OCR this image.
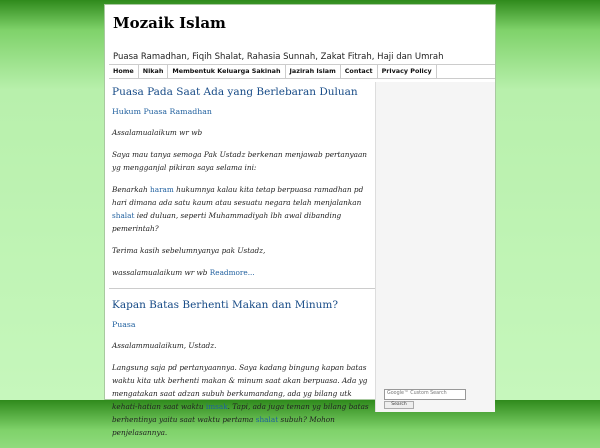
Mozaik Islam
Puasa Ramadhan, Fiqih Shalat, Rahasia Sunnah, Zakat Fitrah, Haji dan Umrah
Home	Nikah	Membentuk Keluarga Sakinah	Jazirah Islam	Contact	Privacy Policy
Puasa Pada Saat Ada yang Berlebaran Duluan
Hukum Puasa Ramadhan
Assalamualaikum wr wb
Saya mau tanya semoga Pak Ustadz berkenan menjawab pertanyaan yg mengganjal pikiran saya selama ini:
Benarkah haram hukumnya kalau kita tetap berpuasa ramadhan pd hari dimana ada satu kaum atau sesuatu negara telah menjalankan shalat ied duluan, seperti Muhammadiyah lbh awal dibanding pemerintah?
Terima kasih sebelumnyanya pak Ustadz,
wassalamualaikum wr wb Readmore...
Kapan Batas Berhenti Makan dan Minum?
Puasa
Assalammualaikum, Ustadz.
Langsung saja pd pertanyaannya. Saya kadang bingung kapan batas waktu kita utk berhenti makan & minum saat akan berpuasa. Ada yg mengatakan saat adzan subuh berkumandang, ada yg bilang utk kehati-hatian saat waktu imsak. Tapi, ada juga teman yg bilang batas berhentinya yaitu saat waktu pertama shalat subuh? Mohon penjelasannya.
Google™ Custom Search
Search
